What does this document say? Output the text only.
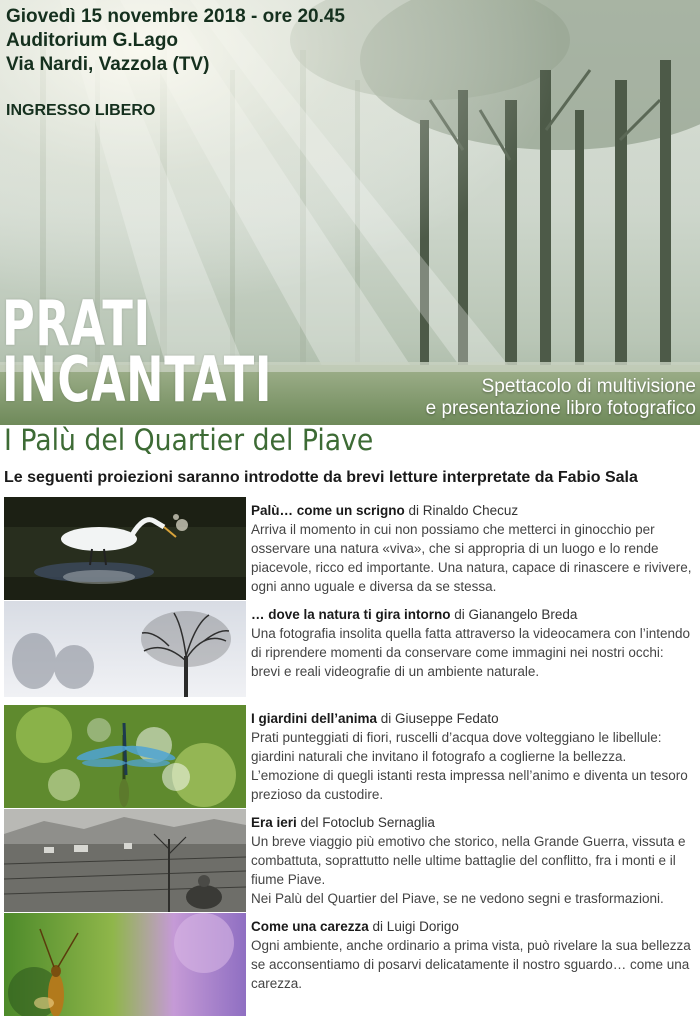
Giovedì 15 novembre 2018 - ore 20.45
Auditorium G.Lago
Via Nardi, Vazzola (TV)
INGRESSO LIBERO
PRATI
INCANTATI	Spettacolo di multivisione
e presentazione libro fotografico
I Palù del Quartier del Piave
Le seguenti proiezioni saranno introdotte da brevi letture interpretate da Fabio Sala
Palù… come un scrigno di Rinaldo Checuz
Arriva il momento in cui non possiamo che metterci in ginocchio per osservare una natura «viva», che si appropria di un luogo e lo rende piacevole, ricco ed importante. Una natura, capace di rinascere e rivivere, ogni anno uguale e diversa da se stessa.
… dove la natura ti gira intorno di Gianangelo Breda
Una fotografia insolita quella fatta attraverso la videocamera con l’intendo di riprendere momenti da conservare come immagini nei nostri occhi: brevi e reali videografie di un ambiente naturale.
I giardini dell’anima di Giuseppe Fedato
Prati punteggiati di fiori, ruscelli d’acqua dove volteggiano le libellule: giardini naturali che invitano il fotografo a coglierne la bellezza. L’emozione di quegli istanti resta impressa nell’animo e diventa un tesoro prezioso da custodire.
Era ieri del Fotoclub Sernaglia
Un breve viaggio più emotivo che storico, nella Grande Guerra, vissuta e combattuta, soprattutto nelle ultime battaglie del conflitto, fra i monti e il fiume Piave.
Nei Palù del Quartier del Piave, se ne vedono segni e trasformazioni.
Come una carezza di Luigi Dorigo
Ogni ambiente, anche ordinario a prima vista, può rivelare la sua bellezza se acconsentiamo di posarvi delicatamente il nostro sguardo… come una carezza.
